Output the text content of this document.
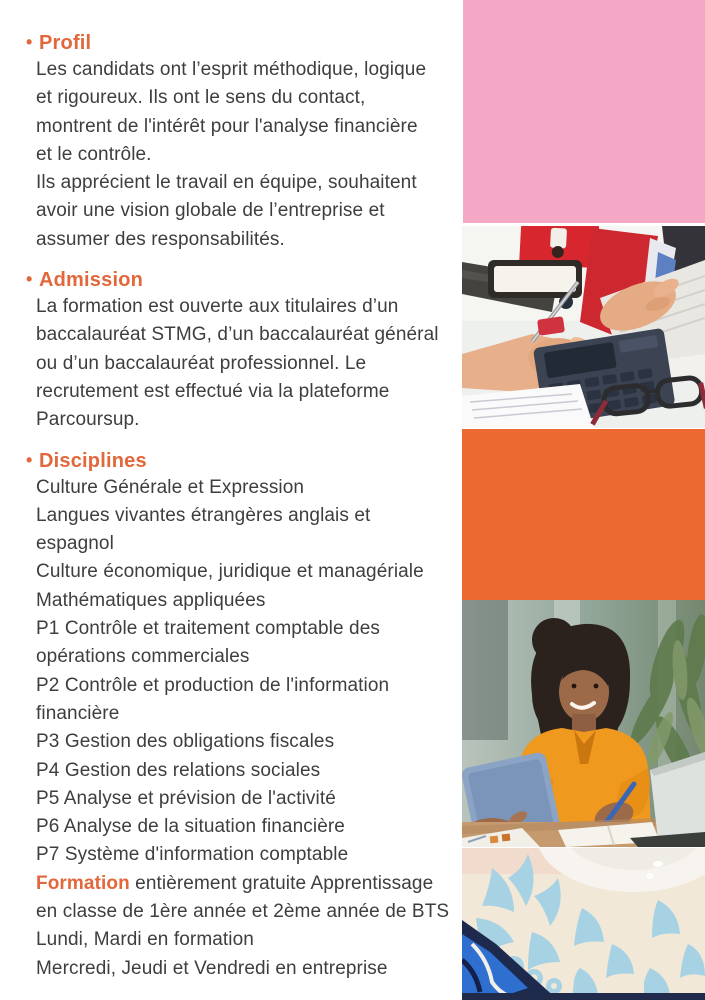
• Profil
Les candidats ont l’esprit méthodique, logique
et rigoureux. Ils ont le sens du contact,
montrent de l'intérêt pour l'analyse financière
et le contrôle.
Ils apprécient le travail en équipe, souhaitent
avoir une vision globale de l’entreprise et
assumer des responsabilités.
• Admission
La formation est ouverte aux titulaires d’un
baccalauréat STMG, d’un baccalauréat général
ou d’un baccalauréat professionnel. Le
recrutement est effectué via la plateforme
Parcoursup.
• Disciplines
Culture Générale et Expression
Langues vivantes étrangères anglais et
espagnol
Culture économique, juridique et managériale
Mathématiques appliquées
P1 Contrôle et traitement comptable des
opérations commerciales
P2 Contrôle et production de l'information
financière
P3 Gestion des obligations fiscales
P4 Gestion des relations sociales
P5 Analyse et prévision de l'activité
P6 Analyse de la situation financière
P7 Système d'information comptable
Formation entièrement gratuite Apprentissage
en classe de 1ère année et 2ème année de BTS
Lundi, Mardi en formation
Mercredi, Jeudi et Vendredi en entreprise
